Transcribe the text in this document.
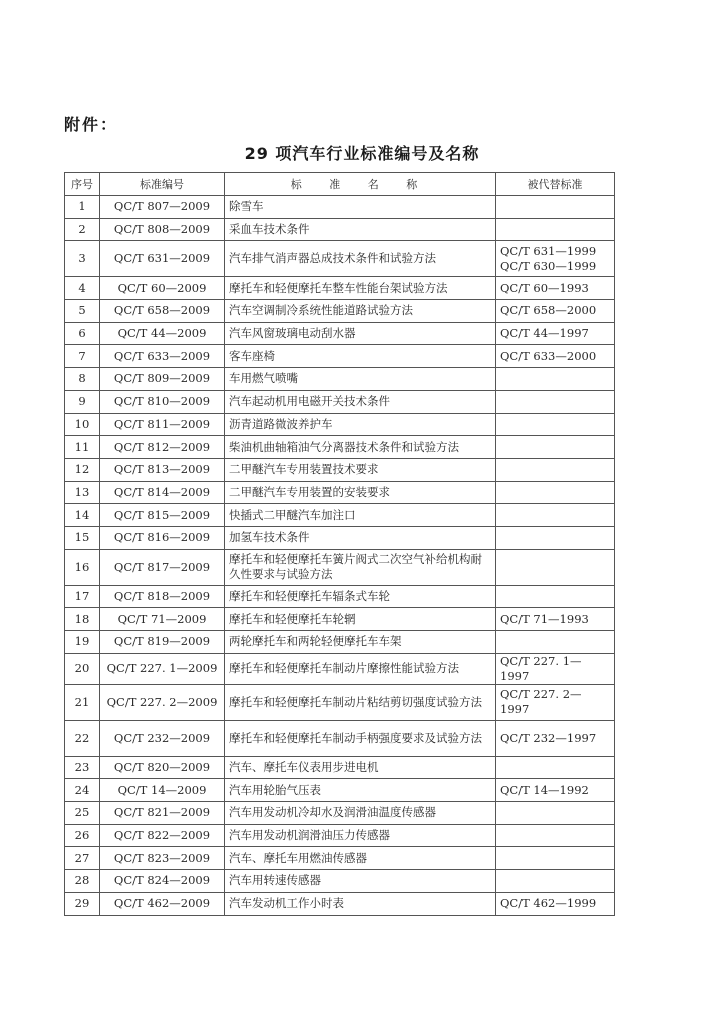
附件：
29 项汽车行业标准编号及名称
序号	标准编号	标 准 名 称	被代替标准
1	QC/T 807—2009	除雪车	
2	QC/T 808—2009	采血车技术条件	
3	QC/T 631—2009	汽车排气消声器总成技术条件和试验方法	QC/T 631—1999
QC/T 630—1999

4	QC/T 60—2009	摩托车和轻便摩托车整车性能台架试验方法	QC/T 60—1993

5	QC/T 658—2009	汽车空调制冷系统性能道路试验方法	QC/T 658—2000

6	QC/T 44—2009	汽车风窗玻璃电动刮水器	QC/T 44—1997

7	QC/T 633—2009	客车座椅	QC/T 633—2000

8	QC/T 809—2009	车用燃气喷嘴	
9	QC/T 810—2009	汽车起动机用电磁开关技术条件	
10	QC/T 811—2009	沥青道路微波养护车	
11	QC/T 812—2009	柴油机曲轴箱油气分离器技术条件和试验方法	
12	QC/T 813—2009	二甲醚汽车专用装置技术要求	
13	QC/T 814—2009	二甲醚汽车专用装置的安装要求	
14	QC/T 815—2009	快插式二甲醚汽车加注口	
15	QC/T 816—2009	加氢车技术条件	
16	QC/T 817—2009	摩托车和轻便摩托车簧片阀式二次空气补给机构耐久性要求与试验方法	
17	QC/T 818—2009	摩托车和轻便摩托车辐条式车轮	
18	QC/T 71—2009	摩托车和轻便摩托车轮辋	QC/T 71—1993

19	QC/T 819—2009	两轮摩托车和两轮轻便摩托车车架	
20	QC/T 227. 1—2009	摩托车和轻便摩托车制动片摩擦性能试验方法	QC/T 227. 1—1997

21	QC/T 227. 2—2009	摩托车和轻便摩托车制动片粘结剪切强度试验方法	QC/T 227. 2—1997

22	QC/T 232—2009	摩托车和轻便摩托车制动手柄强度要求及试验方法	QC/T 232—1997

23	QC/T 820—2009	汽车、摩托车仪表用步进电机	
24	QC/T 14—2009	汽车用轮胎气压表	QC/T 14—1992

25	QC/T 821—2009	汽车用发动机冷却水及润滑油温度传感器	
26	QC/T 822—2009	汽车用发动机润滑油压力传感器	
27	QC/T 823—2009	汽车、摩托车用燃油传感器	
28	QC/T 824—2009	汽车用转速传感器	
29	QC/T 462—2009	汽车发动机工作小时表	QC/T 462—1999
